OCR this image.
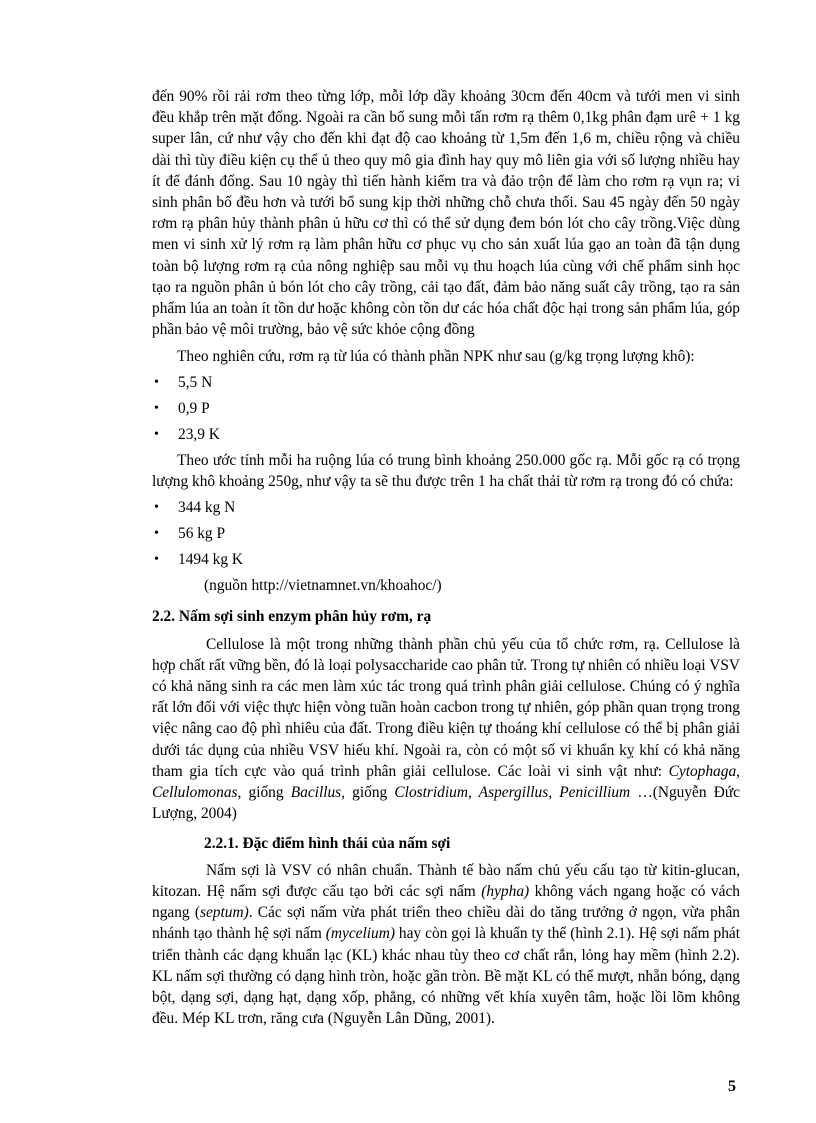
đến 90% rồi rải rơm theo từng lớp, mỗi lớp dầy khoảng 30cm đến 40cm và tưới men vi sinh đều khắp trên mặt đống. Ngoài ra cần bổ sung mỗi tấn rơm rạ thêm 0,1kg phân đạm urê + 1 kg super lân, cứ như vậy cho đến khi đạt độ cao khoảng từ 1,5m đến 1,6 m, chiều rộng và chiều dài thì tùy điều kiện cụ thể ủ theo quy mô gia đình hay quy mô liên gia với số lượng nhiều hay ít để đánh đống. Sau 10 ngày thì tiến hành kiểm tra và đảo trộn để làm cho rơm rạ vụn ra; vi sinh phân bố đều hơn và tưới bổ sung kịp thời những chỗ chưa thối. Sau 45 ngày đến 50 ngày rơm rạ phân hủy thành phân ủ hữu cơ thì có thể sử dụng đem bón lót cho cây trồng.Việc dùng men vi sinh xử lý rơm rạ làm phân hữu cơ phục vụ cho sản xuất lúa gạo an toàn đã tận dụng toàn bộ lượng rơm rạ của nông nghiệp sau mỗi vụ thu hoạch lúa cùng với chế phẩm sinh học tạo ra nguồn phân ủ bón lót cho cây trồng, cải tạo đất, đảm bảo năng suất cây trồng, tạo ra sản phẩm lúa an toàn ít tồn dư hoặc không còn tồn dư các hóa chất độc hại trong sản phẩm lúa, góp phần bảo vệ môi trường, bảo vệ sức khỏe cộng đồng

Theo nghiên cứu, rơm rạ từ lúa có thành phần NPK như sau (g/kg trọng lượng khô):

• 5,5 N
• 0,9 P
• 23,9 K

Theo ước tính mỗi ha ruộng lúa có trung bình khoảng 250.000 gốc rạ. Mỗi gốc rạ có trọng lượng khô khoảng 250g, như vậy ta sẽ thu được trên 1 ha chất thải từ rơm rạ trong đó có chứa:

• 344 kg N
• 56 kg P
• 1494 kg K

(nguồn http://vietnamnet.vn/khoahoc/)

2.2. Nấm sợi sinh enzym phân hủy rơm, rạ

Cellulose là một trong những thành phần chủ yếu của tổ chức rơm, rạ. Cellulose là hợp chất rất vững bền, đó là loại polysaccharide cao phân tử. Trong tự nhiên có nhiều loại VSV có khả năng sinh ra các men làm xúc tác trong quá trình phân giải cellulose. Chúng có ý nghĩa rất lớn đối với việc thực hiện vòng tuần hoàn cacbon trong tự nhiên, góp phần quan trọng trong việc nâng cao độ phì nhiêu của đất. Trong điều kiện tự thoáng khí cellulose có thể bị phân giải dưới tác dụng của nhiều VSV hiếu khí. Ngoài ra, còn có một số vi khuẩn kỵ khí có khả năng tham gia tích cực vào quá trình phân giải cellulose. Các loài vi sinh vật như: Cytophaga, Cellulomonas, giống Bacillus, giống Clostridium, Aspergillus, Penicillium …(Nguyễn Đức Lượng, 2004)

2.2.1. Đặc điểm hình thái của nấm sợi

Nấm sợi là VSV có nhân chuẩn. Thành tế bào nấm chủ yếu cấu tạo từ kitin-glucan, kitozan. Hệ nấm sợi được cấu tạo bởi các sợi nấm (hypha) không vách ngang hoặc có vách ngang (septum). Các sợi nấm vừa phát triển theo chiều dài do tăng trưởng ở ngọn, vừa phân nhánh tạo thành hệ sợi nấm (mycelium) hay còn gọi là khuẩn ty thể (hình 2.1). Hệ sợi nấm phát triển thành các dạng khuẩn lạc (KL) khác nhau tùy theo cơ chất rắn, lỏng hay mềm (hình 2.2). KL nấm sợi thường có dạng hình tròn, hoặc gần tròn. Bề mặt KL có thể mượt, nhẵn bóng, dạng bột, dạng sợi, dạng hạt, dạng xốp, phẳng, có những vết khía xuyên tâm, hoặc lồi lõm không đều. Mép KL trơn, răng cưa (Nguyễn Lân Dũng, 2001).

5
